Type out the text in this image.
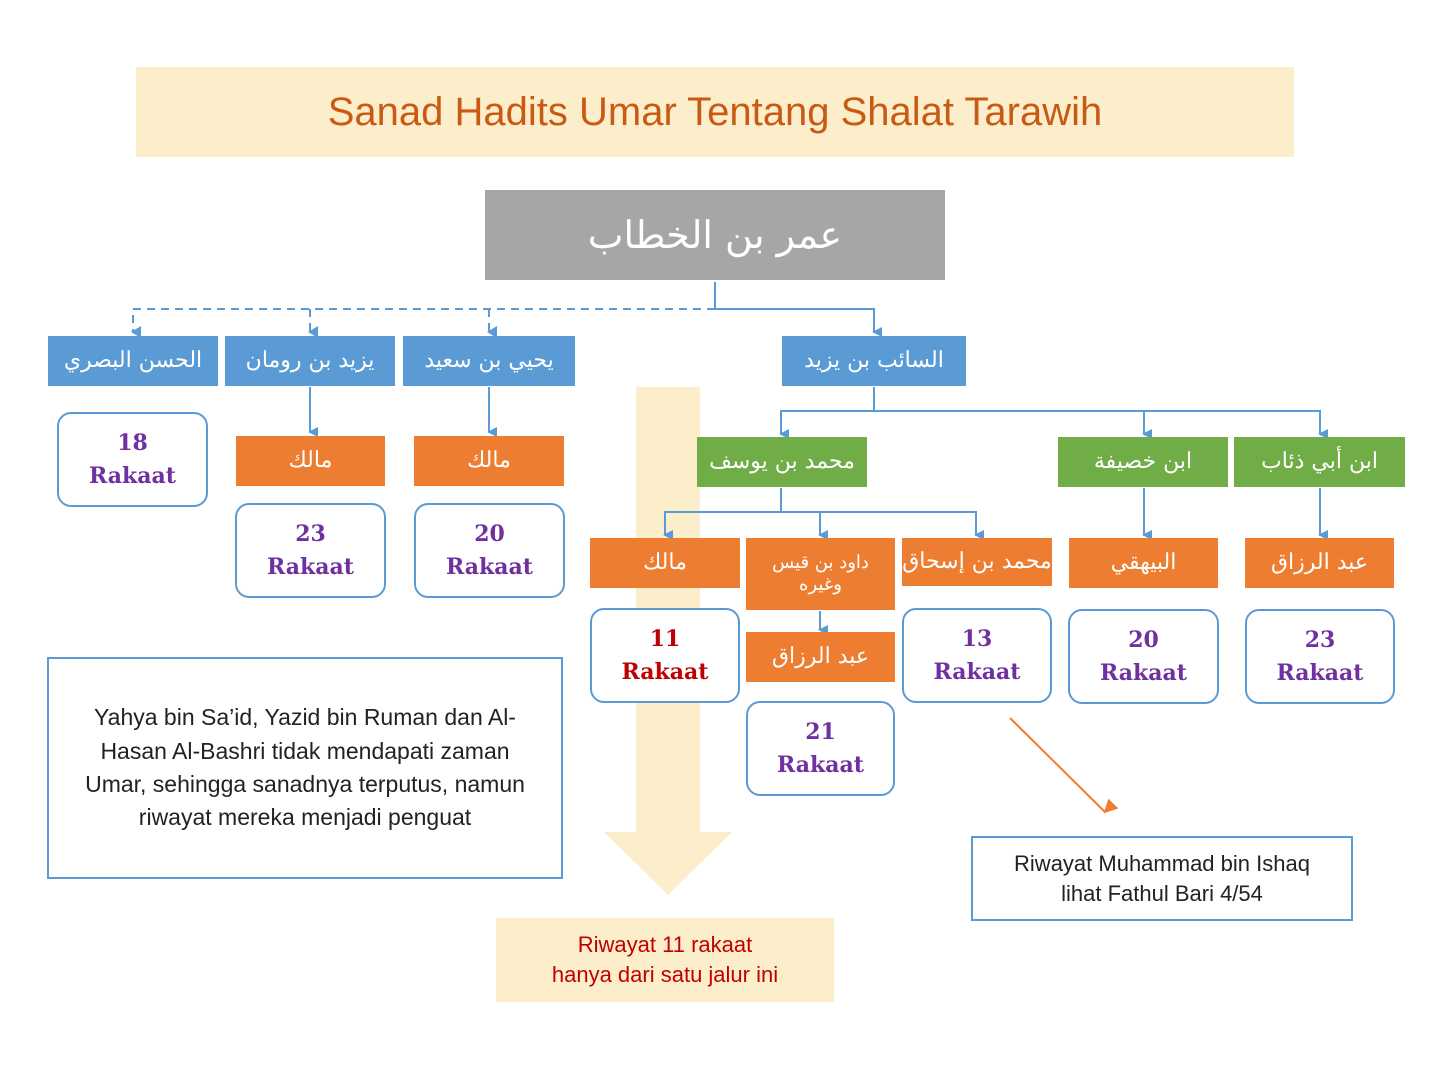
Sanad Hadits Umar Tentang Shalat Tarawih
عمر بن الخطاب
الحسن البصري	يزيد بن رومان	يحيي بن سعيد	السائب بن يزيد
مالك	مالك	محمد بن يوسف	ابن خصيفة	ابن أبي ذئاب
مالك	داود بن قيس وغيره
محمد بن إسحاق	البيهقي	عبد الرزاق
عبد الرزاق
18
Rakaat
23
Rakaat
20
Rakaat
11
Rakaat
13
Rakaat
20
Rakaat
23
Rakaat
21
Rakaat
Yahya bin Sa’id, Yazid bin Ruman dan Al-Hasan Al-Bashri tidak mendapati zaman Umar, sehingga sanadnya terputus, namun riwayat mereka menjadi penguat
Riwayat Muhammad bin Ishaq
lihat Fathul Bari 4/54
Riwayat 11 rakaat
hanya dari satu jalur ini
